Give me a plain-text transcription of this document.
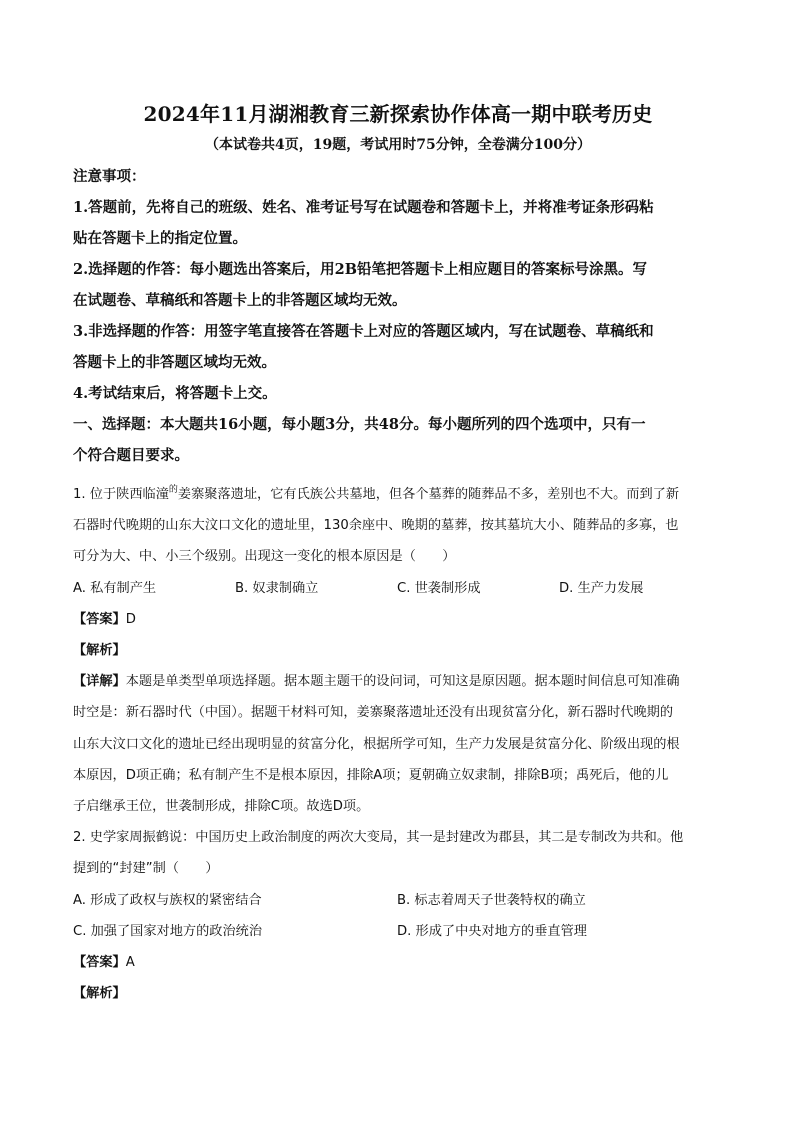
2024年11月湖湘教育三新探索协作体高一期中联考历史

（本试卷共4页，19题，考试用时75分钟，全卷满分100分）

注意事项：

1.答题前，先将自己的班级、姓名、准考证号写在试题卷和答题卡上，并将准考证条形码粘

贴在答题卡上的指定位置。

2.选择题的作答：每小题选出答案后，用2B铅笔把答题卡上相应题目的答案标号涂黑。写

在试题卷、草稿纸和答题卡上的非答题区域均无效。

3.非选择题的作答：用签字笔直接答在答题卡上对应的答题区域内，写在试题卷、草稿纸和

答题卡上的非答题区域均无效。

4.考试结束后，将答题卡上交。

一、选择题：本大题共16小题，每小题3分，共48分。每小题所列的四个选项中，只有一

个符合题目要求。

1. 位于陕西临潼$^的$姜寨聚落遗址，它有氏族公共墓地，但各个墓葬的随葬品不多，差别也不大。而到了新

石器时代晚期的山东大汶口文化的遗址里，130余座中、晚期的墓葬，按其墓坑大小、随葬品的多寡，也

可分为大、中、小三个级别。出现这一变化的根本原因是（　　）

A. 私有制产生	B. 奴隶制确立	C. 世袭制形成	D. 生产力发展

【答案】D

【解析】

【详解】本题是单类型单项选择题。据本题主题干的设问词，可知这是原因题。据本题时间信息可知准确

时空是：新石器时代（中国）。据题干材料可知，姜寨聚落遗址还没有出现贫富分化，新石器时代晚期的

山东大汶口文化的遗址已经出现明显的贫富分化，根据所学可知，生产力发展是贫富分化、阶级出现的根

本原因，D项正确；私有制产生不是根本原因，排除A项；夏朝确立奴隶制，排除B项；禹死后，他的儿

子启继承王位，世袭制形成，排除C项。故选D项。

2. 史学家周振鹤说：中国历史上政治制度的两次大变局，其一是封建改为郡县，其二是专制改为共和。他

提到的“封建”制（　　）

A. 形成了政权与族权的紧密结合	B. 标志着周天子世袭特权的确立
C. 加强了国家对地方的政治统治	D. 形成了中央对地方的垂直管理

【答案】A

【解析】
